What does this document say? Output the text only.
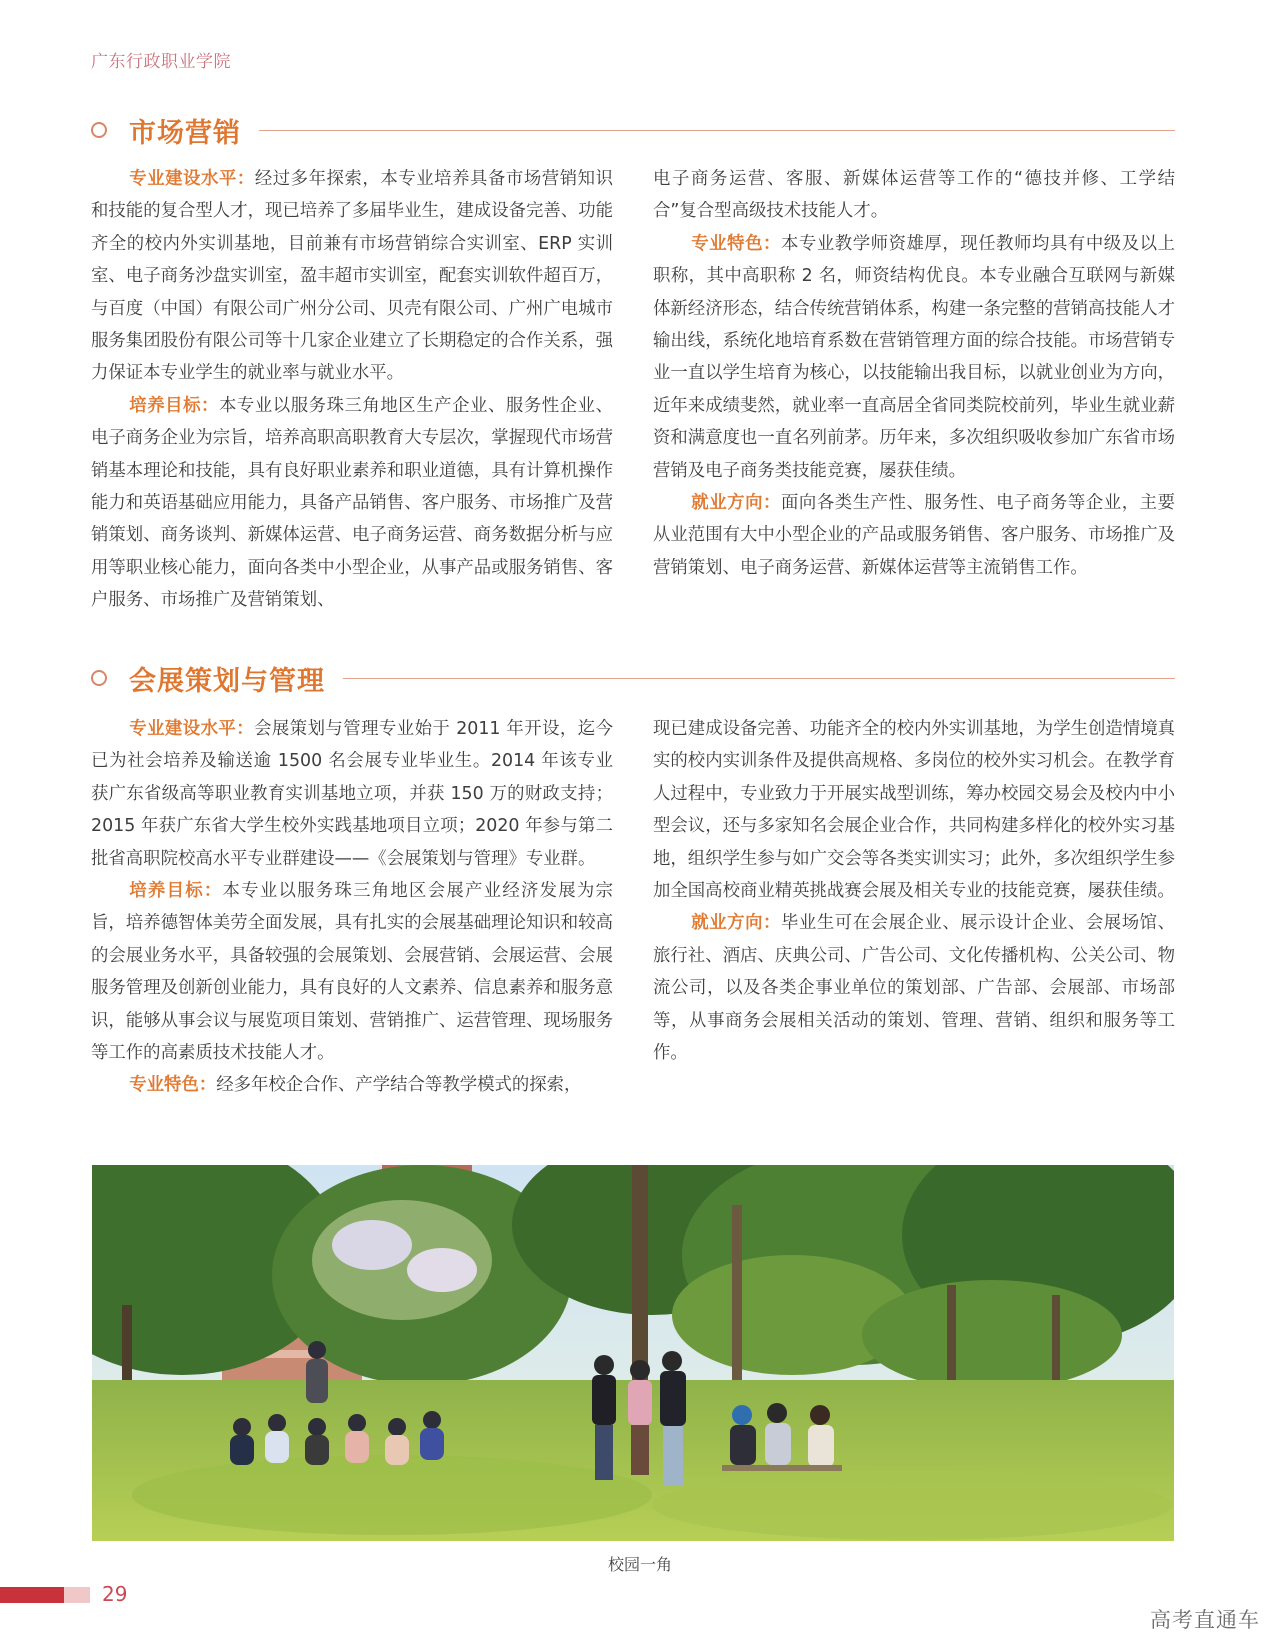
广东行政职业学院
市场营销

专业建设水平：经过多年探索，本专业培养具备市场营销知识和技能的复合型人才，现已培养了多届毕业生，建成设备完善、功能齐全的校内外实训基地，目前兼有市场营销综合实训室、ERP 实训室、电子商务沙盘实训室，盈丰超市实训室，配套实训软件超百万，与百度（中国）有限公司广州分公司、贝壳有限公司、广州广电城市服务集团股份有限公司等十几家企业建立了长期稳定的合作关系，强力保证本专业学生的就业率与就业水平。

培养目标：本专业以服务珠三角地区生产企业、服务性企业、电子商务企业为宗旨，培养高职高职教育大专层次，掌握现代市场营销基本理论和技能，具有良好职业素养和职业道德，具有计算机操作能力和英语基础应用能力，具备产品销售、客户服务、市场推广及营销策划、商务谈判、新媒体运营、电子商务运营、商务数据分析与应用等职业核心能力，面向各类中小型企业，从事产品或服务销售、客户服务、市场推广及营销策划、

电子商务运营、客服、新媒体运营等工作的“德技并修、工学结合”复合型高级技术技能人才。

专业特色：本专业教学师资雄厚，现任教师均具有中级及以上职称，其中高职称 2 名，师资结构优良。本专业融合互联网与新媒体新经济形态，结合传统营销体系，构建一条完整的营销高技能人才输出线，系统化地培育系数在营销管理方面的综合技能。市场营销专业一直以学生培育为核心，以技能输出我目标，以就业创业为方向，近年来成绩斐然，就业率一直高居全省同类院校前列，毕业生就业薪资和满意度也一直名列前茅。历年来，多次组织吸收参加广东省市场营销及电子商务类技能竞赛，屡获佳绩。

就业方向：面向各类生产性、服务性、电子商务等企业，主要从业范围有大中小型企业的产品或服务销售、客户服务、市场推广及营销策划、电子商务运营、新媒体运营等主流销售工作。

会展策划与管理

专业建设水平：会展策划与管理专业始于 2011 年开设，迄今已为社会培养及输送逾 1500 名会展专业毕业生。2014 年该专业获广东省级高等职业教育实训基地立项，并获 150 万的财政支持；2015 年获广东省大学生校外实践基地项目立项；2020 年参与第二批省高职院校高水平专业群建设——《会展策划与管理》专业群。

培养目标：本专业以服务珠三角地区会展产业经济发展为宗旨，培养德智体美劳全面发展，具有扎实的会展基础理论知识和较高的会展业务水平，具备较强的会展策划、会展营销、会展运营、会展服务管理及创新创业能力，具有良好的人文素养、信息素养和服务意识，能够从事会议与展览项目策划、营销推广、运营管理、现场服务等工作的高素质技术技能人才。

专业特色：经多年校企合作、产学结合等教学模式的探索，

现已建成设备完善、功能齐全的校内外实训基地，为学生创造情境真实的校内实训条件及提供高规格、多岗位的校外实习机会。在教学育人过程中，专业致力于开展实战型训练，筹办校园交易会及校内中小型会议，还与多家知名会展企业合作，共同构建多样化的校外实习基地，组织学生参与如广交会等各类实训实习；此外，多次组织学生参加全国高校商业精英挑战赛会展及相关专业的技能竞赛，屡获佳绩。

就业方向：毕业生可在会展企业、展示设计企业、会展场馆、旅行社、酒店、庆典公司、广告公司、文化传播机构、公关公司、物流公司，以及各类企事业单位的策划部、广告部、会展部、市场部等，从事商务会展相关活动的策划、管理、营销、组织和服务等工作。

校园一角
29
高考直通车
